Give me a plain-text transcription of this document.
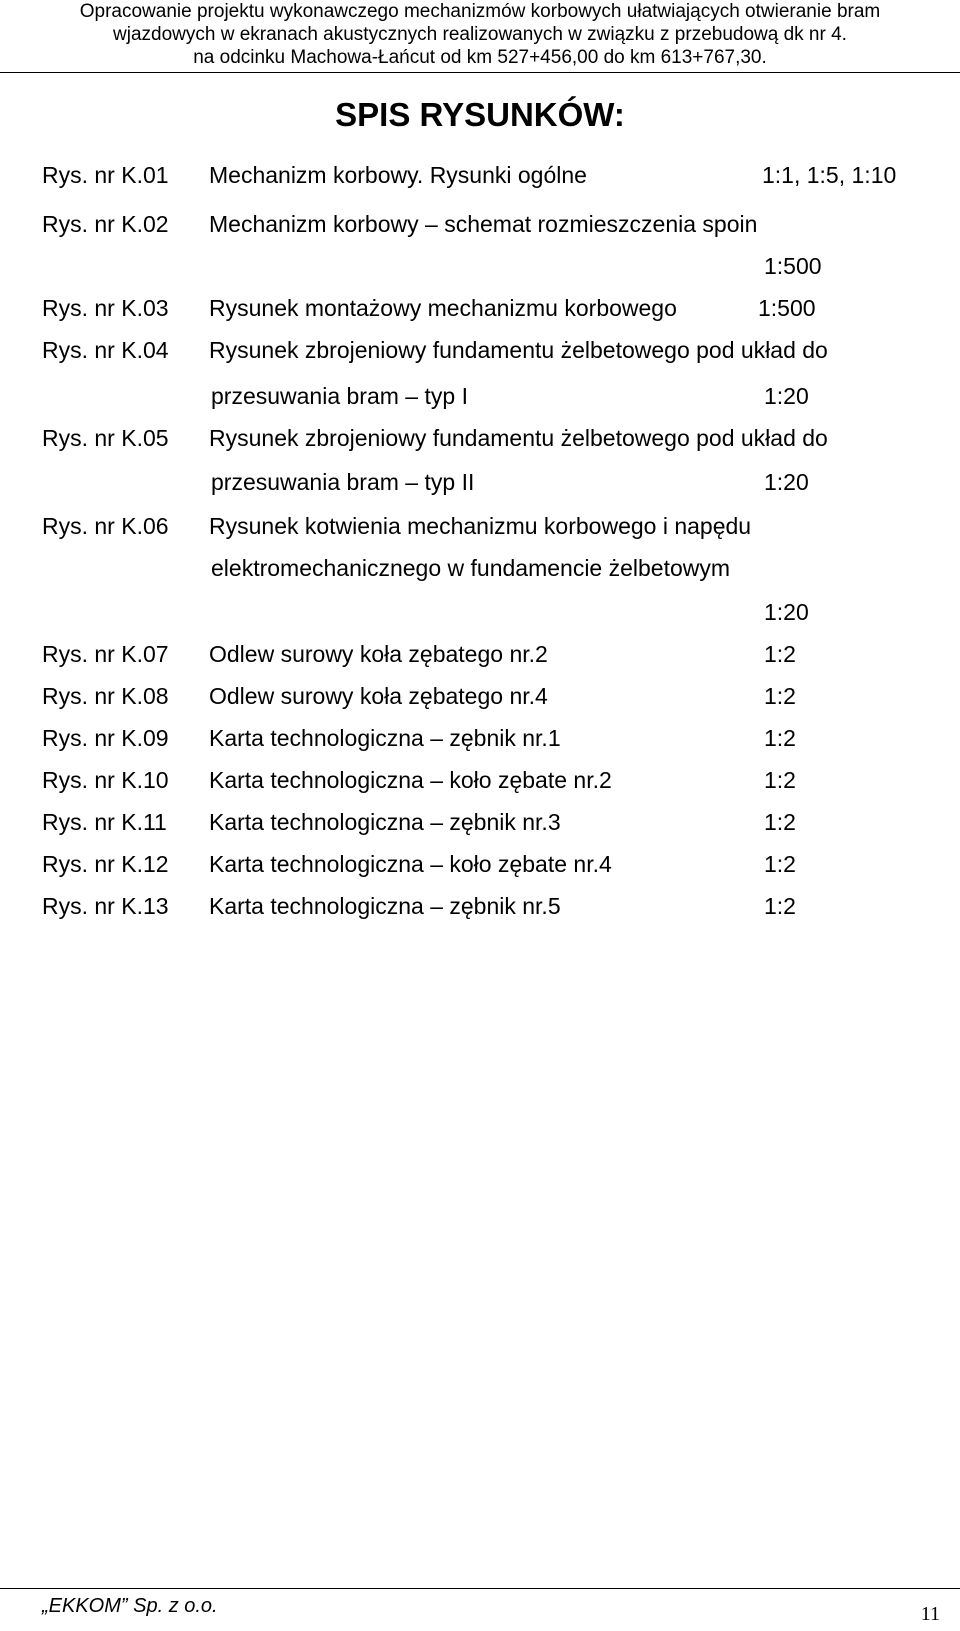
Opracowanie projektu wykonawczego mechanizmów korbowych ułatwiających otwieranie bram
wjazdowych w ekranach akustycznych realizowanych w związku z przebudową dk nr 4.
na odcinku Machowa-Łańcut od km 527+456,00 do km 613+767,30.
SPIS RYSUNKÓW:
Rys. nr K.01 Mechanizm korbowy. Rysunki ogólne	1:1, 1:5, 1:10
Rys. nr K.02 Mechanizm korbowy – schemat rozmieszczenia spoin
1:500
Rys. nr K.03 Rysunek montażowy mechanizmu korbowego	1:500
Rys. nr K.04 Rysunek zbrojeniowy fundamentu żelbetowego pod układ do
przesuwania bram – typ I	1:20
Rys. nr K.05 Rysunek zbrojeniowy fundamentu żelbetowego pod układ do
przesuwania bram – typ II	1:20
Rys. nr K.06 Rysunek kotwienia mechanizmu korbowego i napędu
elektromechanicznego w fundamencie żelbetowym
1:20
Rys. nr K.07 Odlew surowy koła zębatego nr.2	1:2
Rys. nr K.08 Odlew surowy koła zębatego nr.4	1:2
Rys. nr K.09 Karta technologiczna – zębnik nr.1	1:2
Rys. nr K.10 Karta technologiczna – koło zębate nr.2	1:2
Rys. nr K.11 Karta technologiczna – zębnik nr.3	1:2
Rys. nr K.12 Karta technologiczna – koło zębate nr.4	1:2
Rys. nr K.13 Karta technologiczna – zębnik nr.5	1:2
„EKKOM” Sp. z o.o.	11
